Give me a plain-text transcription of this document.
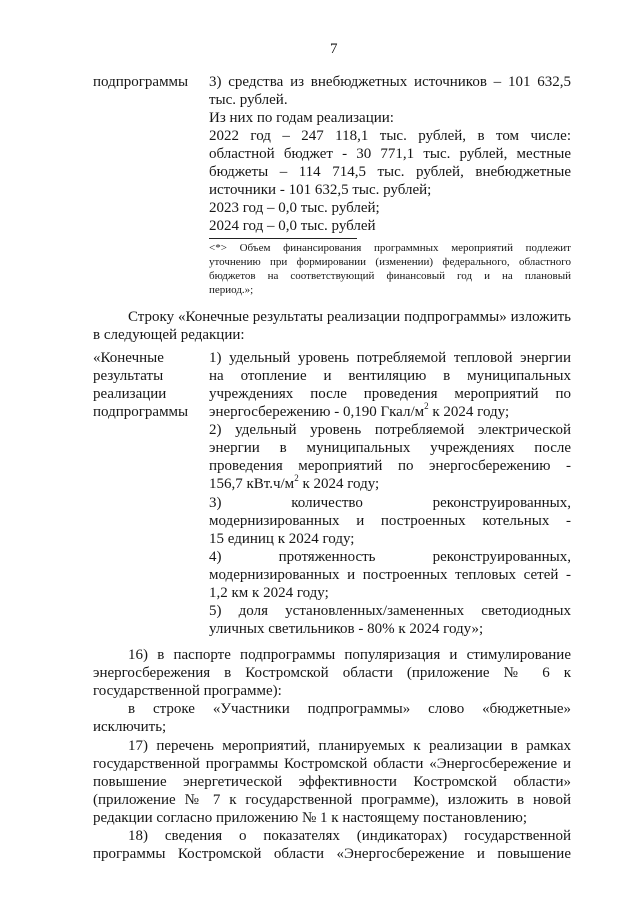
7
подпрограммы 3) средства из внебюджетных источников – 101 632,5
тыс. рублей.
Из них по годам реализации:
2022 год – 247 118,1 тыс. рублей, в том числе:
областной бюджет - 30 771,1 тыс. рублей, местные
бюджеты – 114 714,5 тыс. рублей, внебюджетные
источники - 101 632,5 тыс. рублей;
2023 год – 0,0 тыс. рублей;
2024 год – 0,0 тыс. рублей
<*> Объем финансирования программных мероприятий подлежит
уточнению при формировании (изменении) федерального, областного
бюджетов на соответствующий финансовый год и на плановый
период.»;
Строку «Конечные результаты реализации подпрограммы» изложить
в следующей редакции:
«Конечные
результаты
реализации
подпрограммы
1) удельный уровень потребляемой тепловой энергии
на отопление и вентиляцию в муниципальных
учреждениях после проведения мероприятий по
энергосбережению - 0,190 Гкал/$м^2$ к 2024 году;
2) удельный уровень потребляемой электрической
энергии в муниципальных учреждениях после
проведения мероприятий по энергосбережению -
156,7 $кВт.ч/м^2$ к 2024 году;
3) количество реконструированных,
модернизированных и построенных котельных -
15 единиц к 2024 году;
4) протяженность реконструированных,
модернизированных и построенных тепловых сетей -
1,2 км к 2024 году;
5) доля установленных/замененных светодиодных
уличных светильников - 80% к 2024 году»;
16) в паспорте подпрограммы популяризация и стимулирование
энергосбережения в Костромской области (приложение № 6 к
государственной программе):
в строке «Участники подпрограммы» слово «бюджетные»
исключить;
17) перечень мероприятий, планируемых к реализации в рамках
государственной программы Костромской области «Энергосбережение и
повышение энергетической эффективности Костромской области»
(приложение № 7 к государственной программе), изложить в новой
редакции согласно приложению № 1 к настоящему постановлению;
18) сведения о показателях (индикаторах) государственной
программы Костромской области «Энергосбережение и повышение
